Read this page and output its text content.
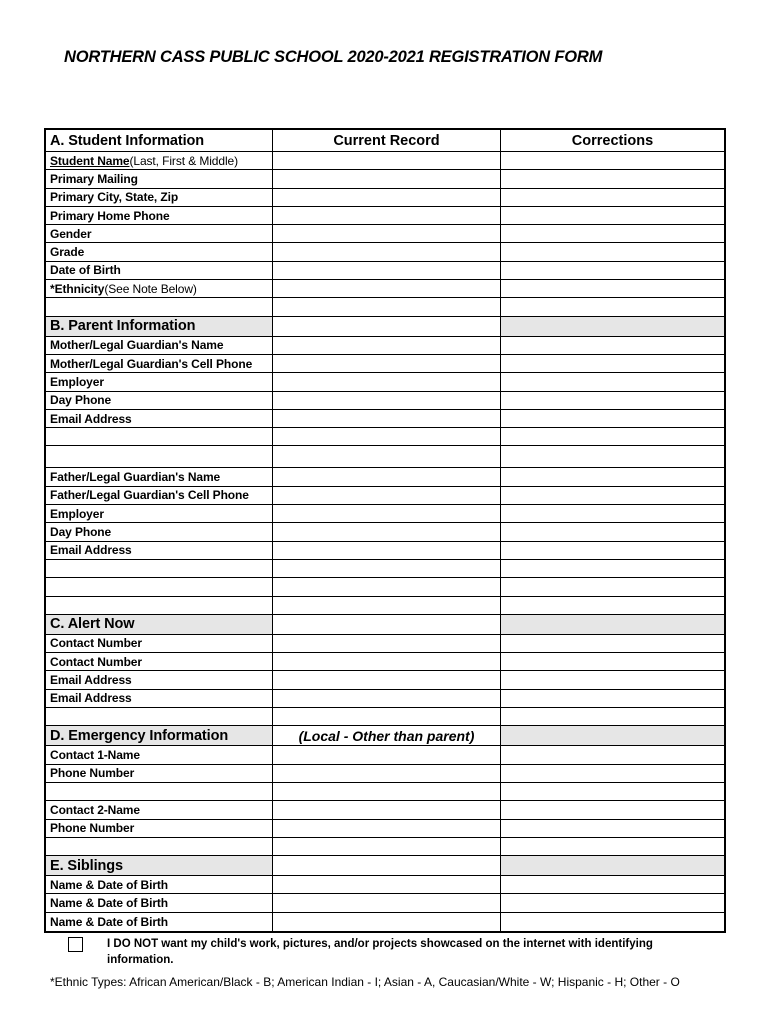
NORTHERN CASS PUBLIC SCHOOL 2020-2021 REGISTRATION FORM
A. Student Information	Current Record	Corrections
Student Name (Last, First & Middle)
Primary Mailing
Primary City, State, Zip
Primary Home Phone
Gender
Grade
Date of Birth
*Ethnicity (See Note Below)
B. Parent Information
Mother/Legal Guardian's Name
Mother/Legal Guardian's Cell Phone
Employer
Day Phone
Email Address
Father/Legal Guardian's Name
Father/Legal Guardian's Cell Phone
Employer
Day Phone
Email Address
C. Alert Now
Contact Number
Contact Number
Email Address
Email Address
D. Emergency Information	(Local - Other than parent)
Contact 1-Name
Phone Number
Contact 2-Name
Phone Number
E. Siblings
Name & Date of Birth
Name & Date of Birth
Name & Date of Birth
I DO NOT want my child's work, pictures, and/or projects showcased on the internet with identifying information.
*Ethnic Types: African American/Black - B; American Indian - I; Asian - A, Caucasian/White - W; Hispanic - H; Other - O
